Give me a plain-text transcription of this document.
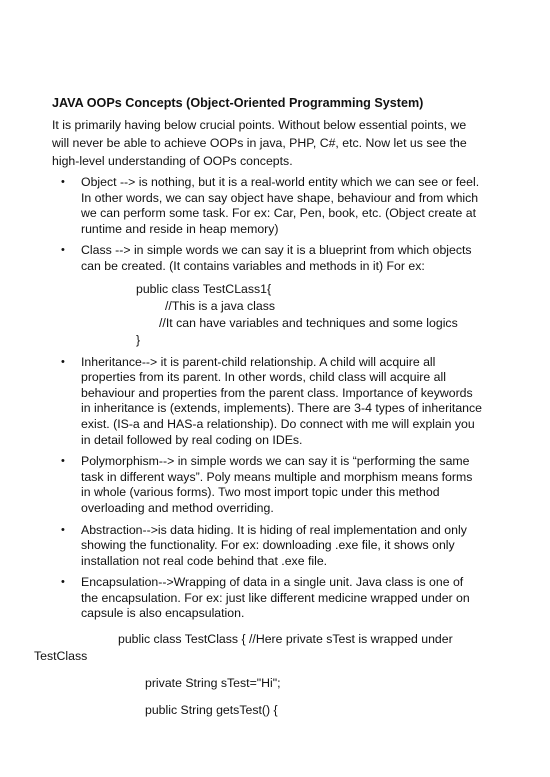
JAVA OOPs Concepts (Object-Oriented Programming System)
It is primarily having below crucial points. Without below essential points, we will never be able to achieve OOPs in java, PHP, C#, etc. Now let us see the high-level understanding of OOPs concepts.
• Object --> is nothing, but it is a real-world entity which we can see or feel. In other words, we can say object have shape, behaviour and from which we can perform some task. For ex: Car, Pen, book, etc. (Object create at runtime and reside in heap memory)
• Class --> in simple words we can say it is a blueprint from which objects can be created. (It contains variables and methods in it) For ex:
public class TestCLass1{
//This is a java class
//It can have variables and techniques and some logics
}
• Inheritance--> it is parent-child relationship. A child will acquire all properties from its parent. In other words, child class will acquire all behaviour and properties from the parent class. Importance of keywords in inheritance is (extends, implements). There are 3-4 types of inheritance exist. (IS-a and HAS-a relationship). Do connect with me will explain you in detail followed by real coding on IDEs.
• Polymorphism--> in simple words we can say it is “performing the same task in different ways”. Poly means multiple and morphism means forms in whole (various forms). Two most import topic under this method overloading and method overriding.
• Abstraction-->is data hiding. It is hiding of real implementation and only showing the functionality. For ex: downloading .exe file, it shows only installation not real code behind that .exe file.
• Encapsulation-->Wrapping of data in a single unit. Java class is one of the encapsulation. For ex: just like different medicine wrapped under on capsule is also encapsulation.
public class TestClass { //Here private sTest is wrapped under
TestClass
private String sTest="Hi";
public String getsTest() {
